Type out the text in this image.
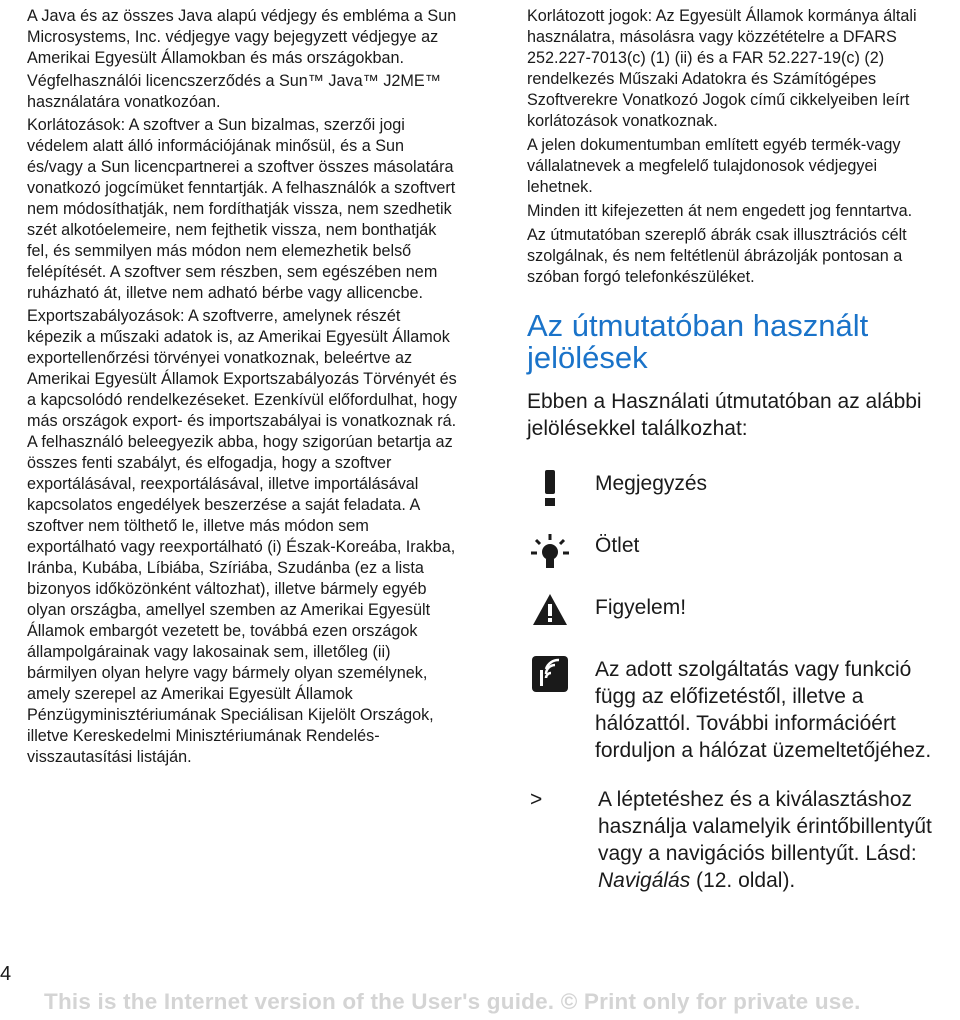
A Java és az összes Java alapú védjegy és embléma a Sun Microsystems, Inc. védjegye vagy bejegyzett védjegye az Amerikai Egyesült Államokban és más országokban.

Végfelhasználói licencszerződés a Sun™ Java™ J2ME™ használatára vonatkozóan.

Korlátozások: A szoftver a Sun bizalmas, szerzői jogi védelem alatt álló információjának minősül, és a Sun és/vagy a Sun licencpartnerei a szoftver összes másolatára vonatkozó jogcímüket fenntartják. A felhasználók a szoftvert nem módosíthatják, nem fordíthatják vissza, nem szedhetik szét alkotóelemeire, nem fejthetik vissza, nem bonthatják fel, és semmilyen más módon nem elemezhetik belső felépítését. A szoftver sem részben, sem egészében nem ruházható át, illetve nem adható bérbe vagy allicencbe.

Exportszabályozások: A szoftverre, amelynek részét képezik a műszaki adatok is, az Amerikai Egyesült Államok exportellenőrzési törvényei vonatkoznak, beleértve az Amerikai Egyesült Államok Exportszabályozás Törvényét és a kapcsolódó rendelkezéseket. Ezenkívül előfordulhat, hogy más országok export- és importszabályai is vonatkoznak rá. A felhasználó beleegyezik abba, hogy szigorúan betartja az összes fenti szabályt, és elfogadja, hogy a szoftver exportálásával, reexportálásával, illetve importálásával kapcsolatos engedélyek beszerzése a saját feladata. A szoftver nem tölthető le, illetve más módon sem exportálható vagy reexportálható (i) Észak-Koreába, Irakba, Iránba, Kubába, Líbiába, Szíriába, Szudánba (ez a lista bizonyos időközönként változhat), illetve bármely egyéb olyan országba, amellyel szemben az Amerikai Egyesült Államok embargót vezetett be, továbbá ezen országok állampolgárainak vagy lakosainak sem, illetőleg (ii) bármilyen olyan helyre vagy bármely olyan személynek, amely szerepel az Amerikai Egyesült Államok Pénzügyminisztériumának Speciálisan Kijelölt Országok, illetve Kereskedelmi Minisztériumának Rendelés-visszautasítási listáján.

Korlátozott jogok: Az Egyesült Államok kormánya általi használatra, másolásra vagy közzétételre a DFARS 252.227-7013(c) (1) (ii) és a FAR 52.227-19(c) (2) rendelkezés Műszaki Adatokra és Számítógépes Szoftverekre Vonatkozó Jogok című cikkelyeiben leírt korlátozások vonatkoznak.

A jelen dokumentumban említett egyéb termék-vagy vállalatnevek a megfelelő tulajdonosok védjegyei lehetnek.

Minden itt kifejezetten át nem engedett jog fenntartva.

Az útmutatóban szereplő ábrák csak illusztrációs célt szolgálnak, és nem feltétlenül ábrázolják pontosan a szóban forgó telefonkészüléket.

Az útmutatóban használt jelölések

Ebben a Használati útmutatóban az alábbi jelölésekkel találkozhat:

Megjegyzés
Ötlet
Figyelem!
Az adott szolgáltatás vagy funkció függ az előfizetéstől, illetve a hálózattól. További információért forduljon a hálózat üzemeltetőjéhez.
>	A léptetéshez és a kiválasztáshoz használja valamelyik érintőbillentyűt vagy a navigációs billentyűt. Lásd: Navigálás (12. oldal).
4
This is the Internet version of the User's guide. © Print only for private use.
